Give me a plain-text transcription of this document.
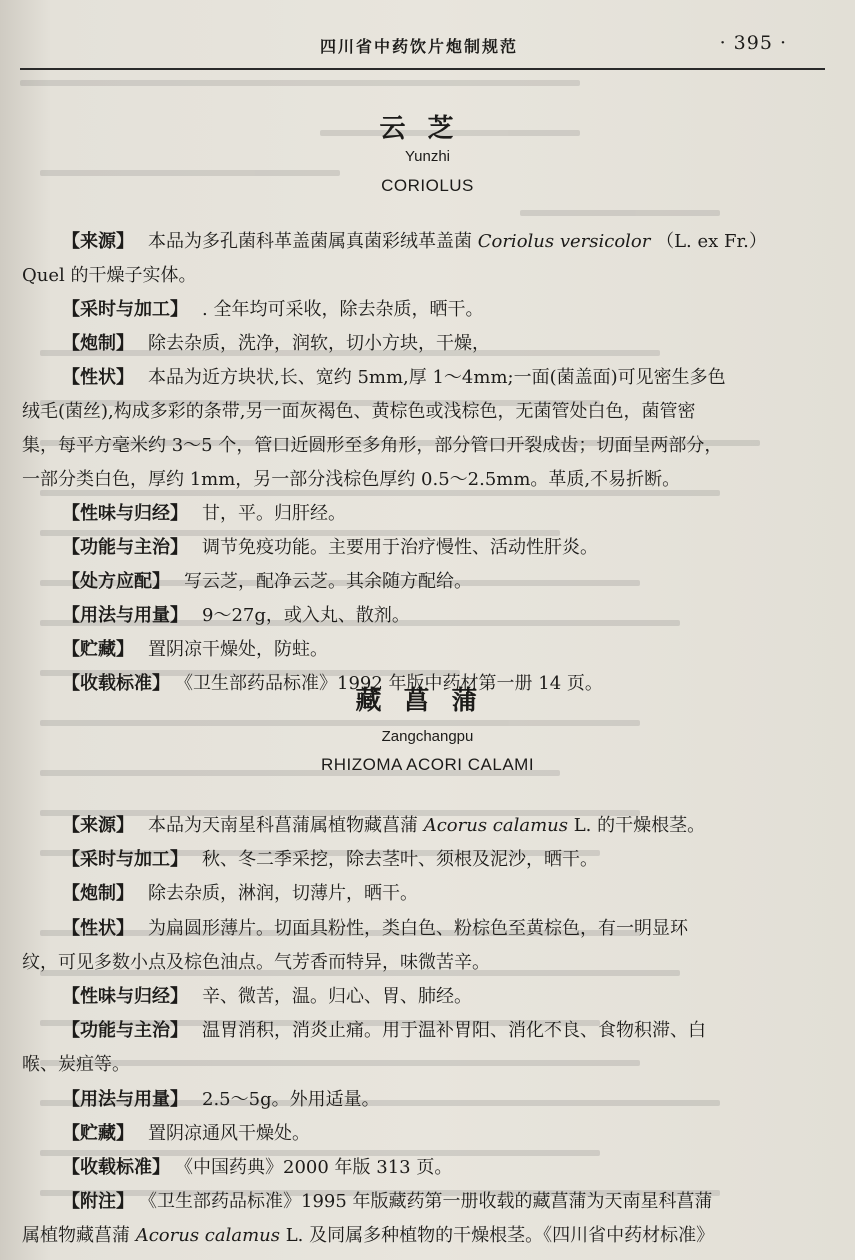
四川省中药饮片炮制规范	· 395 ·
云芝
Yunzhi
CORIOLUS
【来源】 本品为多孔菌科革盖菌属真菌彩绒革盖菌 Coriolus versicolor （L. ex Fr.）
Quel 的干燥子实体。
【采时与加工】 . 全年均可采收，除去杂质，晒干。
【炮制】 除去杂质，洗净，润软，切小方块，干燥，
【性状】 本品为近方块状,长、宽约 5mm,厚 1～4mm;一面(菌盖面)可见密生多色
绒毛(菌丝),构成多彩的条带,另一面灰褐色、黄棕色或浅棕色，无菌管处白色，菌管密
集，每平方毫米约 3～5 个，管口近圆形至多角形，部分管口开裂成齿；切面呈两部分，
一部分类白色，厚约 1mm，另一部分浅棕色厚约 0.5～2.5mm。革质,不易折断。
【性味与归经】 甘，平。归肝经。
【功能与主治】 调节免疫功能。主要用于治疗慢性、活动性肝炎。
【处方应配】 写云芝，配净云芝。其余随方配给。
【用法与用量】 9～27g，或入丸、散剂。
【贮藏】 置阴凉干燥处，防蛀。
【收载标准】 《卫生部药品标准》1992 年版中药材第一册 14 页。
藏菖蒲
Zangchangpu
RHIZOMA ACORI CALAMI
【来源】 本品为天南星科菖蒲属植物藏菖蒲 Acorus calamus L. 的干燥根茎。
【采时与加工】 秋、冬二季采挖，除去茎叶、须根及泥沙，晒干。
【炮制】 除去杂质，淋润，切薄片，晒干。
【性状】 为扁圆形薄片。切面具粉性，类白色、粉棕色至黄棕色，有一明显环
纹，可见多数小点及棕色油点。气芳香而特异，味微苦辛。
【性味与归经】 辛、微苦，温。归心、胃、肺经。
【功能与主治】 温胃消积，消炎止痛。用于温补胃阳、消化不良、食物积滞、白
喉、炭疽等。
【用法与用量】 2.5～5g。外用适量。
【贮藏】 置阴凉通风干燥处。
【收载标准】 《中国药典》2000 年版 313 页。
【附注】 《卫生部药品标准》1995 年版藏药第一册收载的藏菖蒲为天南星科菖蒲
属植物藏菖蒲 Acorus calamus L. 及同属多种植物的干燥根茎。《四川省中药材标准》
